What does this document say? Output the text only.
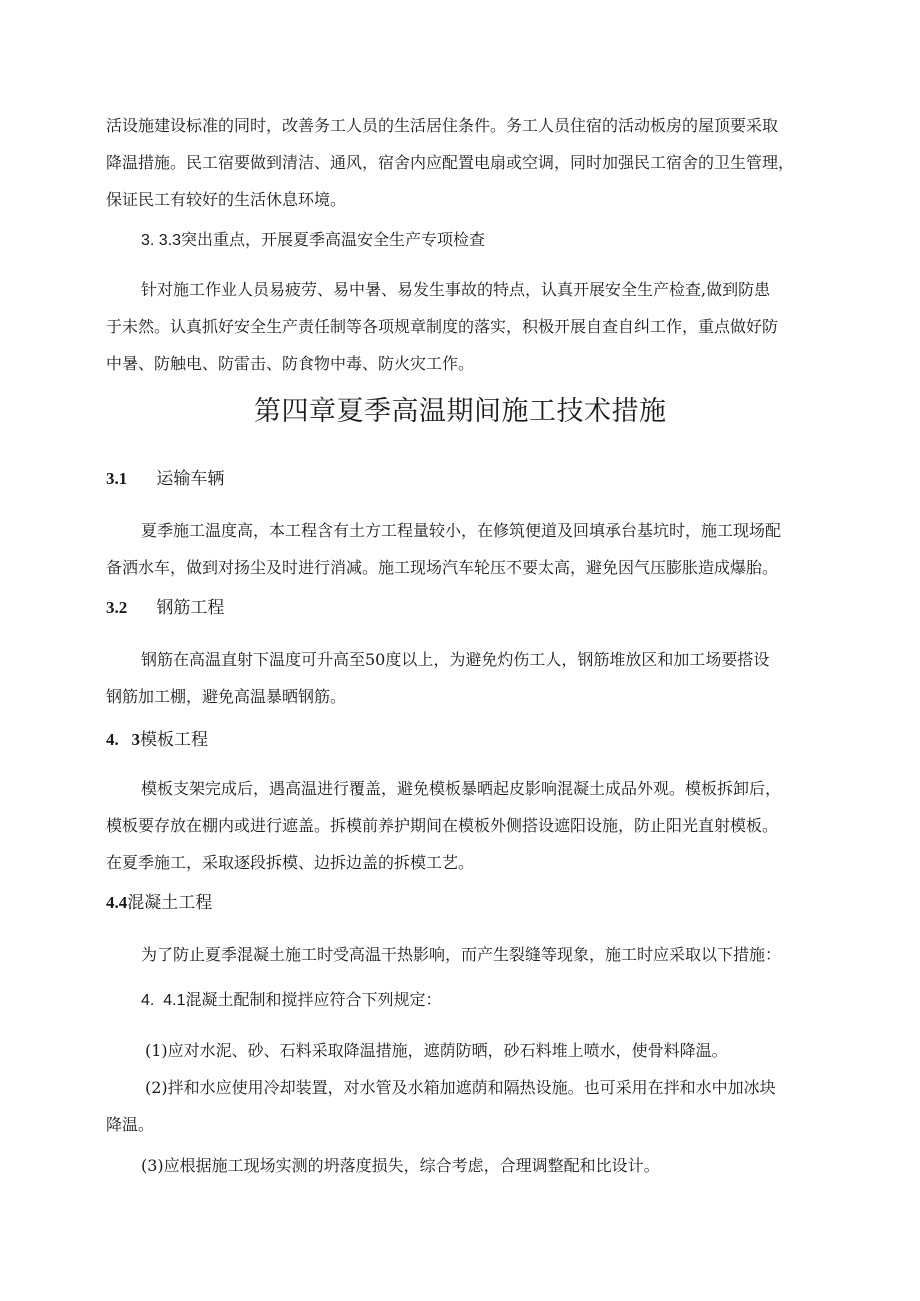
活设施建设标准的同时，改善务工人员的生活居住条件。务工人员住宿的活动板房的屋顶要采取
降温措施。民工宿要做到清洁、通风，宿舍内应配置电扇或空调，同时加强民工宿舍的卫生管理，
保证民工有较好的生活休息环境。
3. 3.3突出重点，开展夏季高温安全生产专项检查
针对施工作业人员易疲劳、易中暑、易发生事故的特点，认真开展安全生产检查,做到防患
于未然。认真抓好安全生产责任制等各项规章制度的落实，积极开展自查自纠工作，重点做好防
中暑、防触电、防雷击、防食物中毒、防火灾工作。
第四章夏季高温期间施工技术措施
3.1 运输车辆
夏季施工温度高，本工程含有土方工程量较小，在修筑便道及回填承台基坑时，施工现场配
备洒水车，做到对扬尘及时进行消减。施工现场汽车轮压不要太高，避免因气压膨胀造成爆胎。
3.2 钢筋工程
钢筋在高温直射下温度可升高至50度以上，为避免灼伤工人，钢筋堆放区和加工场要搭设
钢筋加工棚，避免高温暴晒钢筋。
4.   3模板工程
模板支架完成后，遇高温进行覆盖，避免模板暴晒起皮影响混凝土成品外观。模板拆卸后，
模板要存放在棚内或进行遮盖。拆模前养护期间在模板外侧搭设遮阳设施，防止阳光直射模板。
在夏季施工，采取逐段拆模、边拆边盖的拆模工艺。
4.4混凝土工程
为了防止夏季混凝土施工时受高温干热影响，而产生裂缝等现象，施工时应采取以下措施：
4.  4.1混凝土配制和搅拌应符合下列规定：
(1)应对水泥、砂、石料采取降温措施，遮荫防晒，砂石料堆上喷水，使骨料降温。
(2)拌和水应使用冷却装置，对水管及水箱加遮荫和隔热设施。也可采用在拌和水中加冰块
降温。
(3)应根据施工现场实测的坍落度损失，综合考虑，合理调整配和比设计。
